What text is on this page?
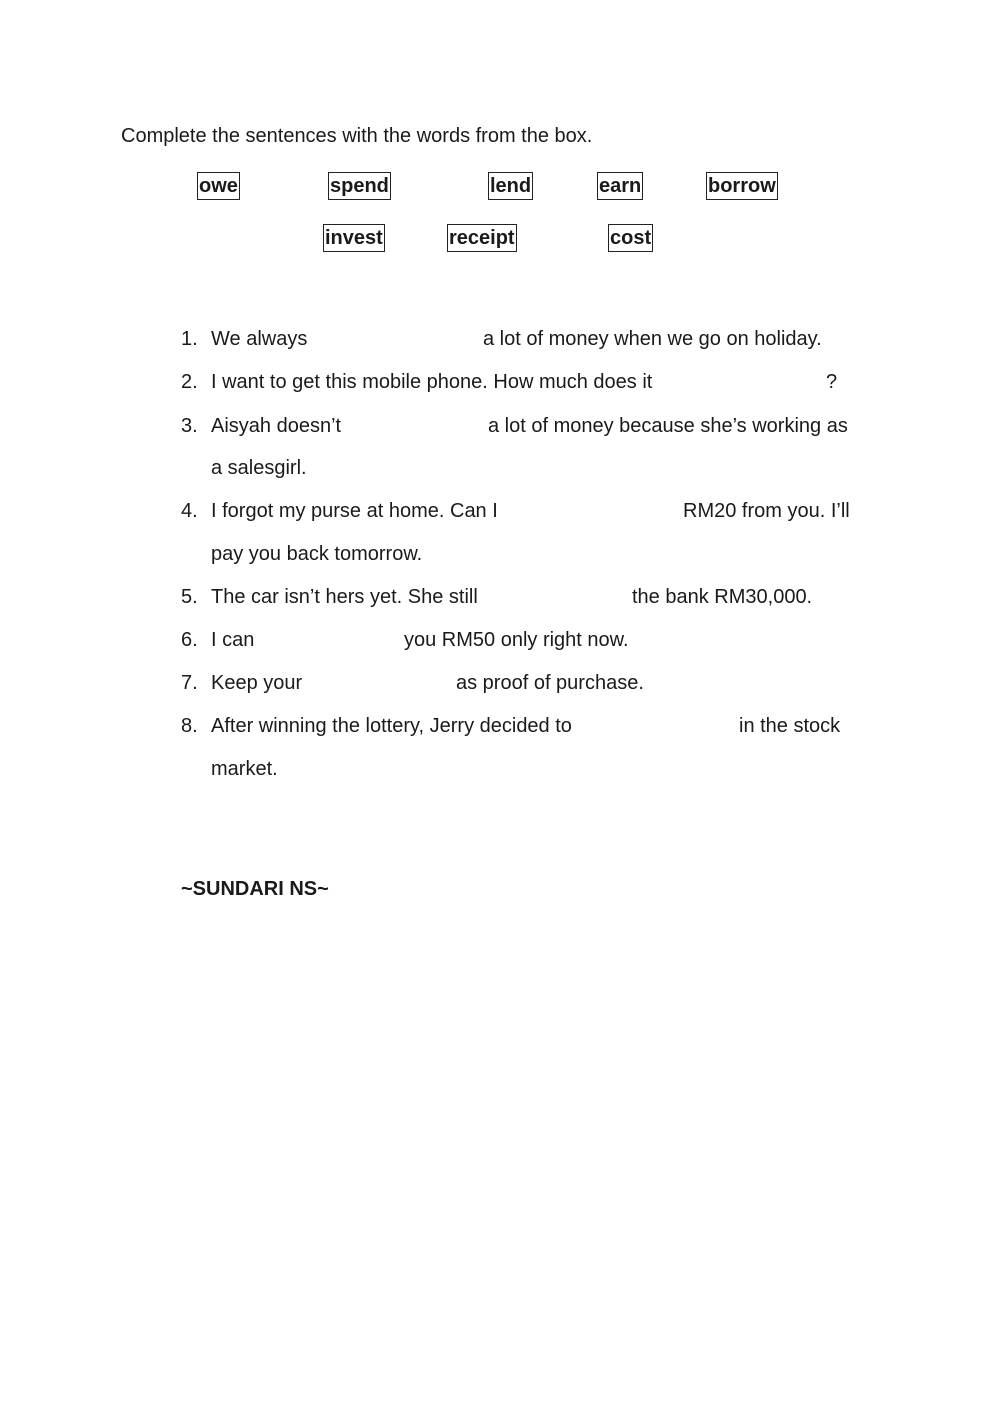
Complete the sentences with the words from the box.

owe	spend	lend	earn	borrow
invest	receipt	cost
1. We always	a lot of money when we go on holiday.
2. I want to get this mobile phone. How much does it	?
3. Aisyah doesn’t	a lot of money because she’s working as
a salesgirl.
4. I forgot my purse at home. Can I	RM20 from you. I’ll
pay you back tomorrow.
5. The car isn’t hers yet. She still	the bank RM30,000.
6. I can	you RM50 only right now.
7. Keep your	as proof of purchase.
8. After winning the lottery, Jerry decided to	in the stock
market.

~SUNDARI NS~
